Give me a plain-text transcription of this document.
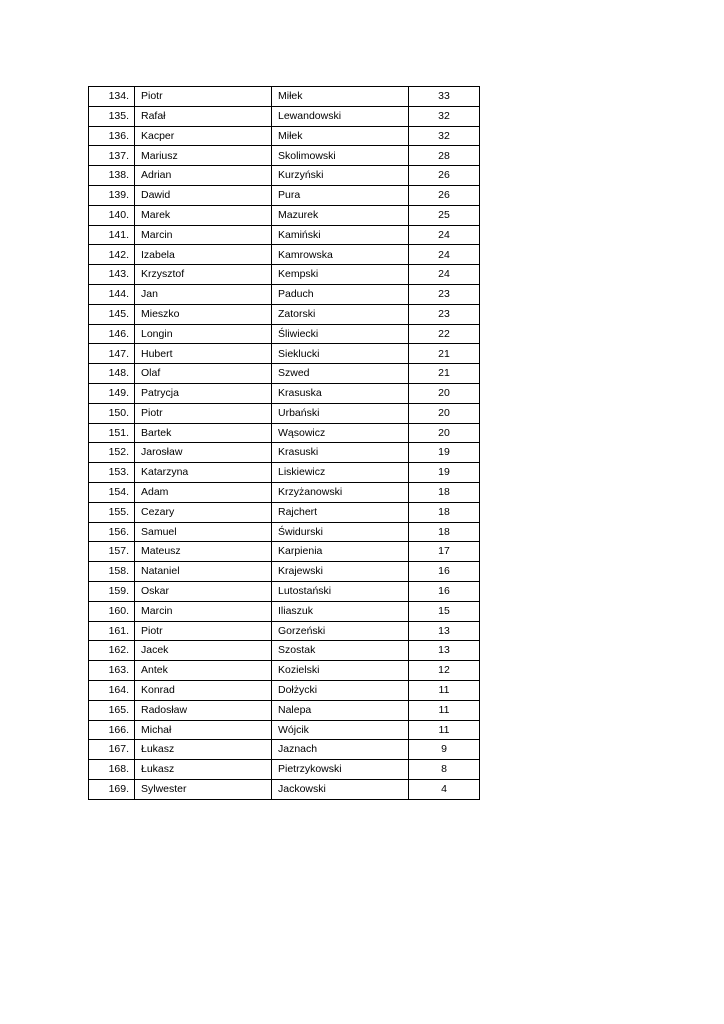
134.	Piotr	Miłek	33
135.	Rafał	Lewandowski	32
136.	Kacper	Miłek	32
137.	Mariusz	Skolimowski	28
138.	Adrian	Kurzyński	26
139.	Dawid	Pura	26
140.	Marek	Mazurek	25
141.	Marcin	Kamiński	24
142.	Izabela	Kamrowska	24
143.	Krzysztof	Kempski	24
144.	Jan	Paduch	23
145.	Mieszko	Zatorski	23
146.	Longin	Śliwiecki	22
147.	Hubert	Sieklucki	21
148.	Olaf	Szwed	21
149.	Patrycja	Krasuska	20
150.	Piotr	Urbański	20
151.	Bartek	Wąsowicz	20
152.	Jarosław	Krasuski	19
153.	Katarzyna	Liskiewicz	19
154.	Adam	Krzyżanowski	18
155.	Cezary	Rajchert	18
156.	Samuel	Świdurski	18
157.	Mateusz	Karpienia	17
158.	Nataniel	Krajewski	16
159.	Oskar	Lutostański	16
160.	Marcin	Iliaszuk	15
161.	Piotr	Gorzeński	13
162.	Jacek	Szostak	13
163.	Antek	Kozielski	12
164.	Konrad	Dołżycki	11
165.	Radosław	Nalepa	11
166.	Michał	Wójcik	11
167.	Łukasz	Jaznach	9
168.	Łukasz	Pietrzykowski	8
169.	Sylwester	Jackowski	4
